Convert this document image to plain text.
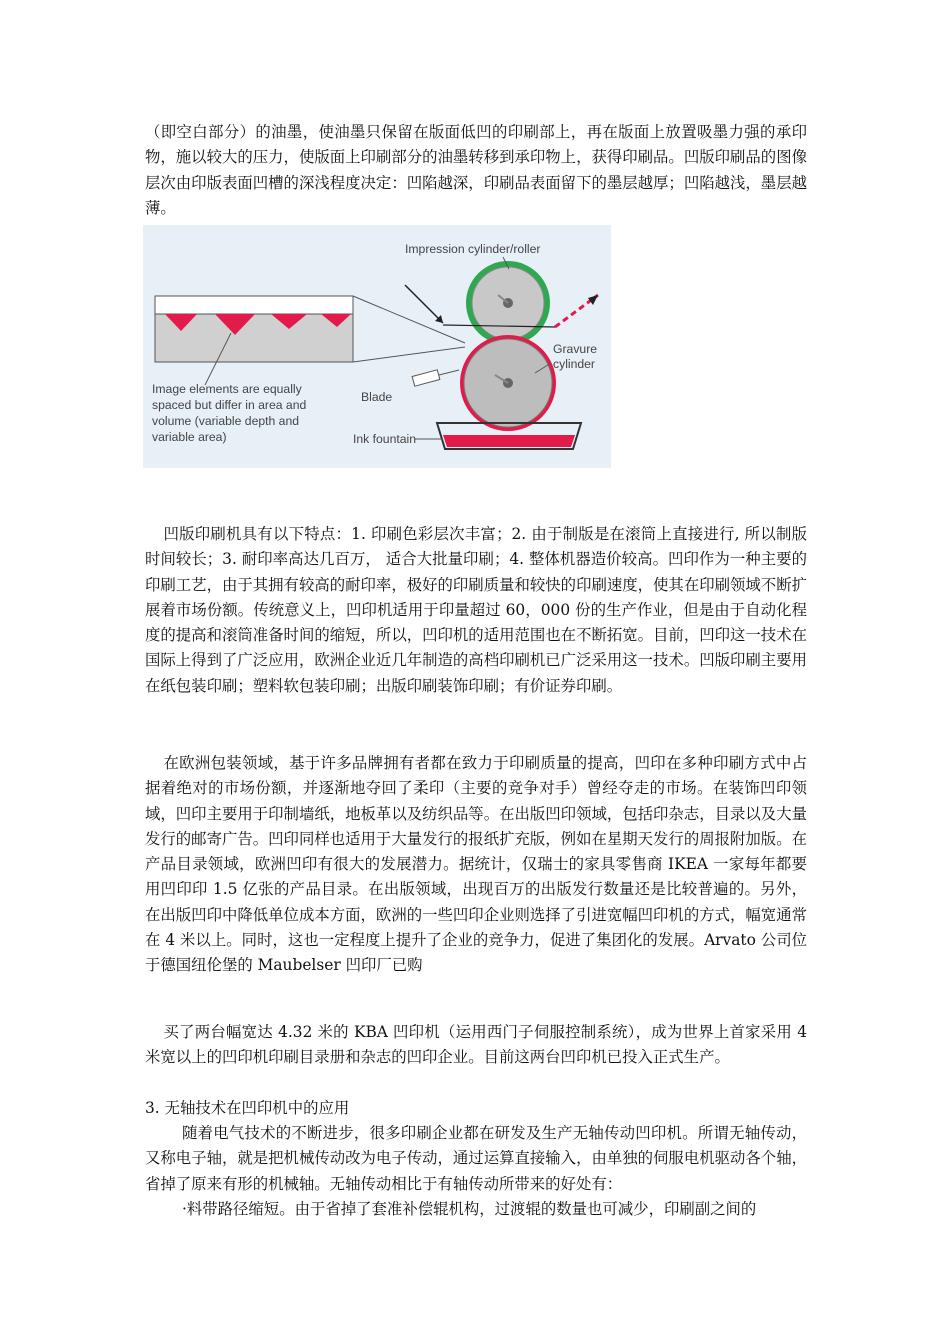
（即空白部分）的油墨，使油墨只保留在版面低凹的印刷部上，再在版面上放置吸墨力强的承印物，施以较大的压力，使版面上印刷部分的油墨转移到承印物上，获得印刷品。凹版印刷品的图像层次由印版表面凹槽的深浅程度决定：凹陷越深，印刷品表面留下的墨层越厚；凹陷越浅，墨层越薄。
Impression cylinder/roller
Gravure
cylinder
Blade
Ink fountain
Image elements are equally
spaced but differ in area and
volume (variable depth and
variable area)
凹版印刷机具有以下特点：1. 印刷色彩层次丰富；2. 由于制版是在滚筒上直接进行, 所以制版时间较长；3. 耐印率高达几百万， 适合大批量印刷；4. 整体机器造价较高。凹印作为一种主要的印刷工艺，由于其拥有较高的耐印率，极好的印刷质量和较快的印刷速度，使其在印刷领域不断扩展着市场份额。传统意义上，凹印机适用于印量超过 60，000 份的生产作业，但是由于自动化程度的提高和滚筒准备时间的缩短，所以，凹印机的适用范围也在不断拓宽。目前，凹印这一技术在国际上得到了广泛应用，欧洲企业近几年制造的高档印刷机已广泛采用这一技术。凹版印刷主要用在纸包装印刷；塑料软包装印刷；出版印刷装饰印刷；有价证券印刷。
在欧洲包装领域，基于许多品牌拥有者都在致力于印刷质量的提高，凹印在多种印刷方式中占据着绝对的市场份额，并逐渐地夺回了柔印（主要的竞争对手）曾经夺走的市场。在装饰凹印领域，凹印主要用于印制墙纸，地板革以及纺织品等。在出版凹印领域，包括印杂志，目录以及大量发行的邮寄广告。凹印同样也适用于大量发行的报纸扩充版，例如在星期天发行的周报附加版。在产品目录领域，欧洲凹印有很大的发展潜力。据统计，仅瑞士的家具零售商 IKEA 一家每年都要用凹印印 1.5 亿张的产品目录。在出版领域，出现百万的出版发行数量还是比较普遍的。另外，在出版凹印中降低单位成本方面，欧洲的一些凹印企业则选择了引进宽幅凹印机的方式，幅宽通常在 4 米以上。同时，这也一定程度上提升了企业的竞争力，促进了集团化的发展。Arvato 公司位于德国纽伦堡的 Maubelser 凹印厂已购
买了两台幅宽达 4.32 米的 KBA 凹印机（运用西门子伺服控制系统），成为世界上首家采用 4 米宽以上的凹印机印刷目录册和杂志的凹印企业。目前这两台凹印机已投入正式生产。
3. 无轴技术在凹印机中的应用
随着电气技术的不断进步，很多印刷企业都在研发及生产无轴传动凹印机。所谓无轴传动，又称电子轴，就是把机械传动改为电子传动，通过运算直接输入，由单独的伺服电机驱动各个轴，省掉了原来有形的机械轴。无轴传动相比于有轴传动所带来的好处有：
·料带路径缩短。由于省掉了套准补偿辊机构，过渡辊的数量也可减少，印刷副之间的
